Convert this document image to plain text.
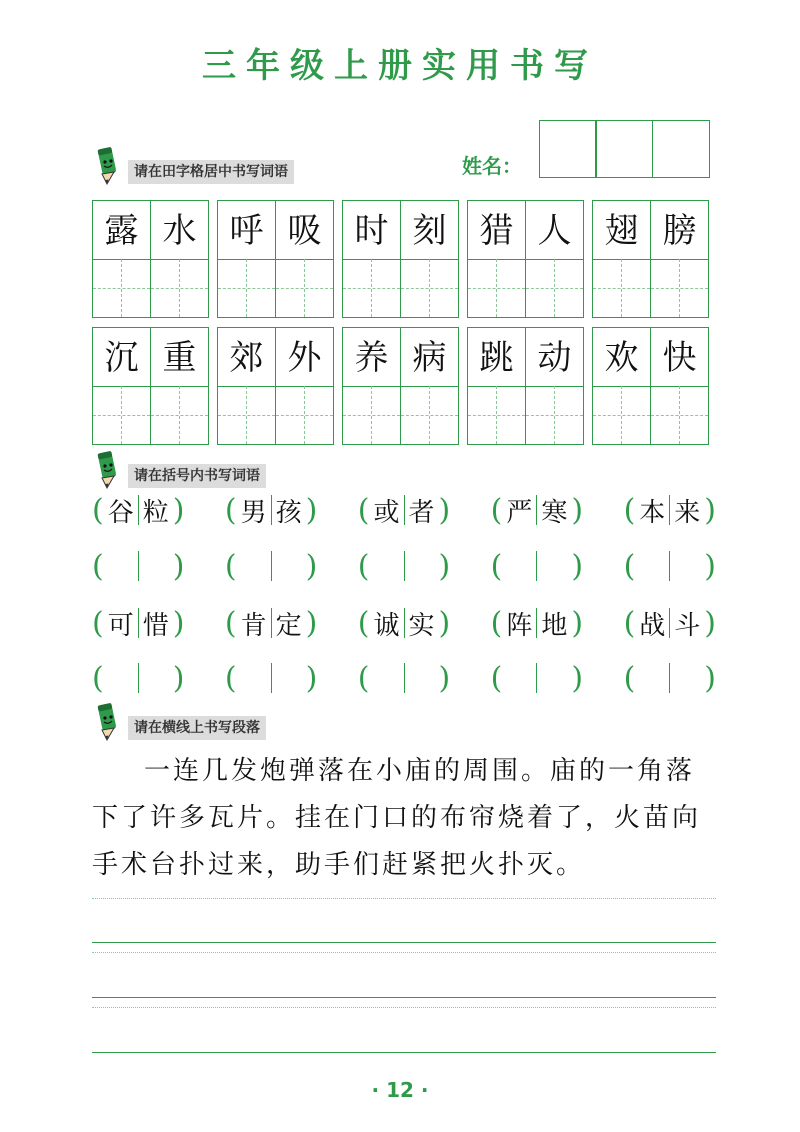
三年级上册实用书写
请在田字格居中书写词语	姓名：
露 水 呼 吸 时 刻 猎 人 翅 膀
沉 重 郊 外 养 病 跳 动 欢 快
请在括号内书写词语
( 谷 粒 ) ( 男 孩 ) ( 或 者 ) ( 严 寒 ) ( 本 来 )
( ) ( ) ( ) ( ) ( )
( 可 惜 ) ( 肯 定 ) ( 诚 实 ) ( 阵 地 ) ( 战 斗 )
( ) ( ) ( ) ( ) ( )
请在横线上书写段落
一连几发炮弹落在小庙的周围。庙的一角落下了许多瓦片。挂在门口的布帘烧着了，火苗向手术台扑过来，助手们赶紧把火扑灭。
· 12 ·
